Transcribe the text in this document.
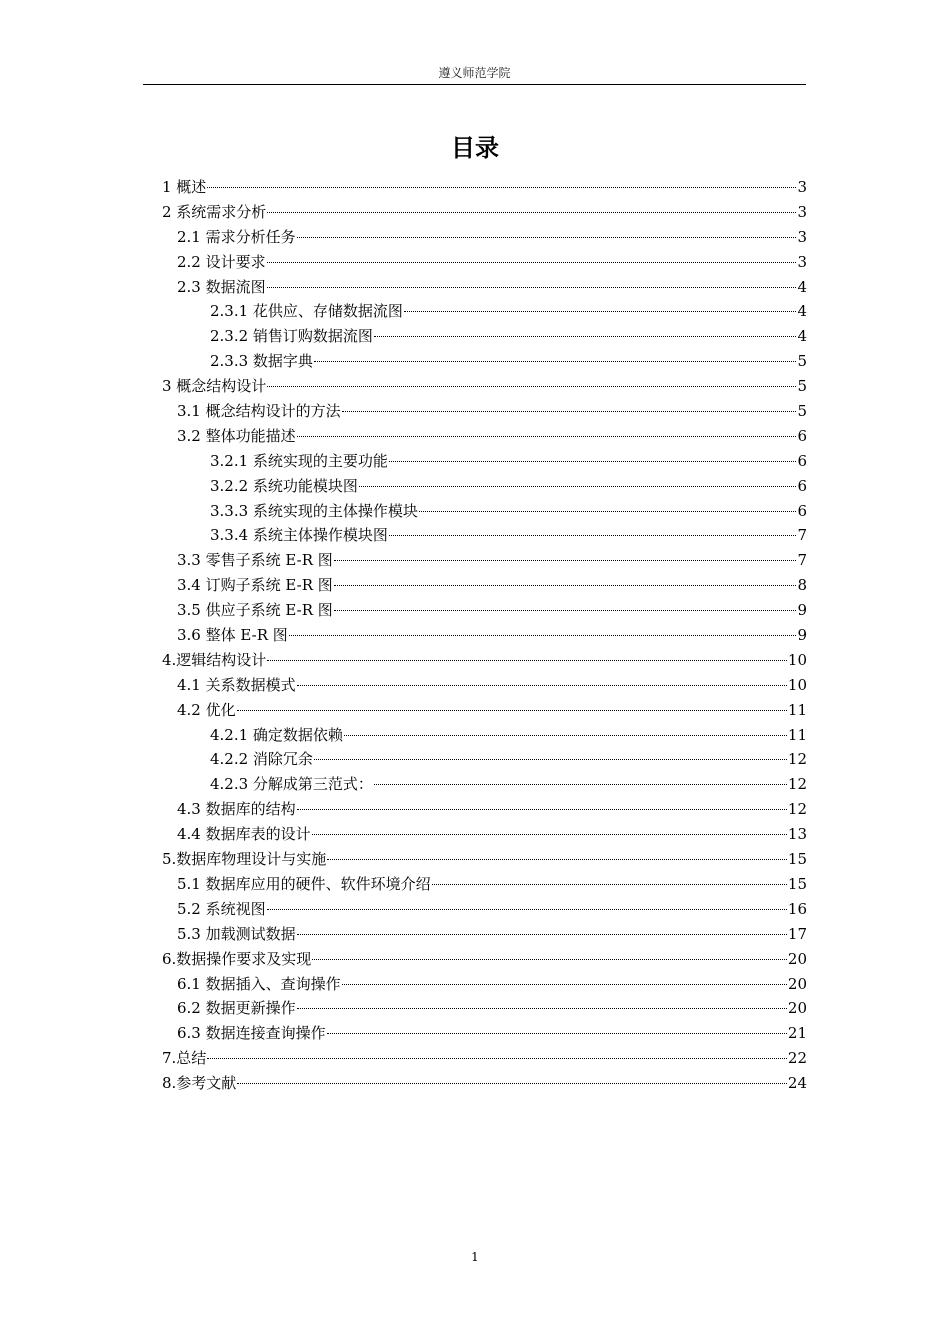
遵义师范学院
目录
1 概述	3
2 系统需求分析	3
2.1 需求分析任务	3
2.2 设计要求	3
2.3 数据流图	4
2.3.1 花供应、存储数据流图	4
2.3.2 销售订购数据流图	4
2.3.3 数据字典	5
3 概念结构设计	5
3.1 概念结构设计的方法	5
3.2 整体功能描述	6
3.2.1 系统实现的主要功能	6
3.2.2 系统功能模块图	6
3.3.3 系统实现的主体操作模块	6
3.3.4 系统主体操作模块图	7
3.3 零售子系统 E-R 图	7
3.4 订购子系统 E-R 图	8
3.5 供应子系统 E-R 图	9
3.6 整体 E-R 图	9
4.逻辑结构设计	10
4.1 关系数据模式	10
4.2 优化	11
4.2.1 确定数据依赖	11
4.2.2 消除冗余	12
4.2.3 分解成第三范式：	12
4.3 数据库的结构	12
4.4 数据库表的设计	13
5.数据库物理设计与实施	15
5.1 数据库应用的硬件、软件环境介绍	15
5.2 系统视图	16
5.3 加载测试数据	17
6.数据操作要求及实现	20
6.1 数据插入、查询操作	20
6.2 数据更新操作	20
6.3 数据连接查询操作	21
7.总结	22
8.参考文献	24
1
